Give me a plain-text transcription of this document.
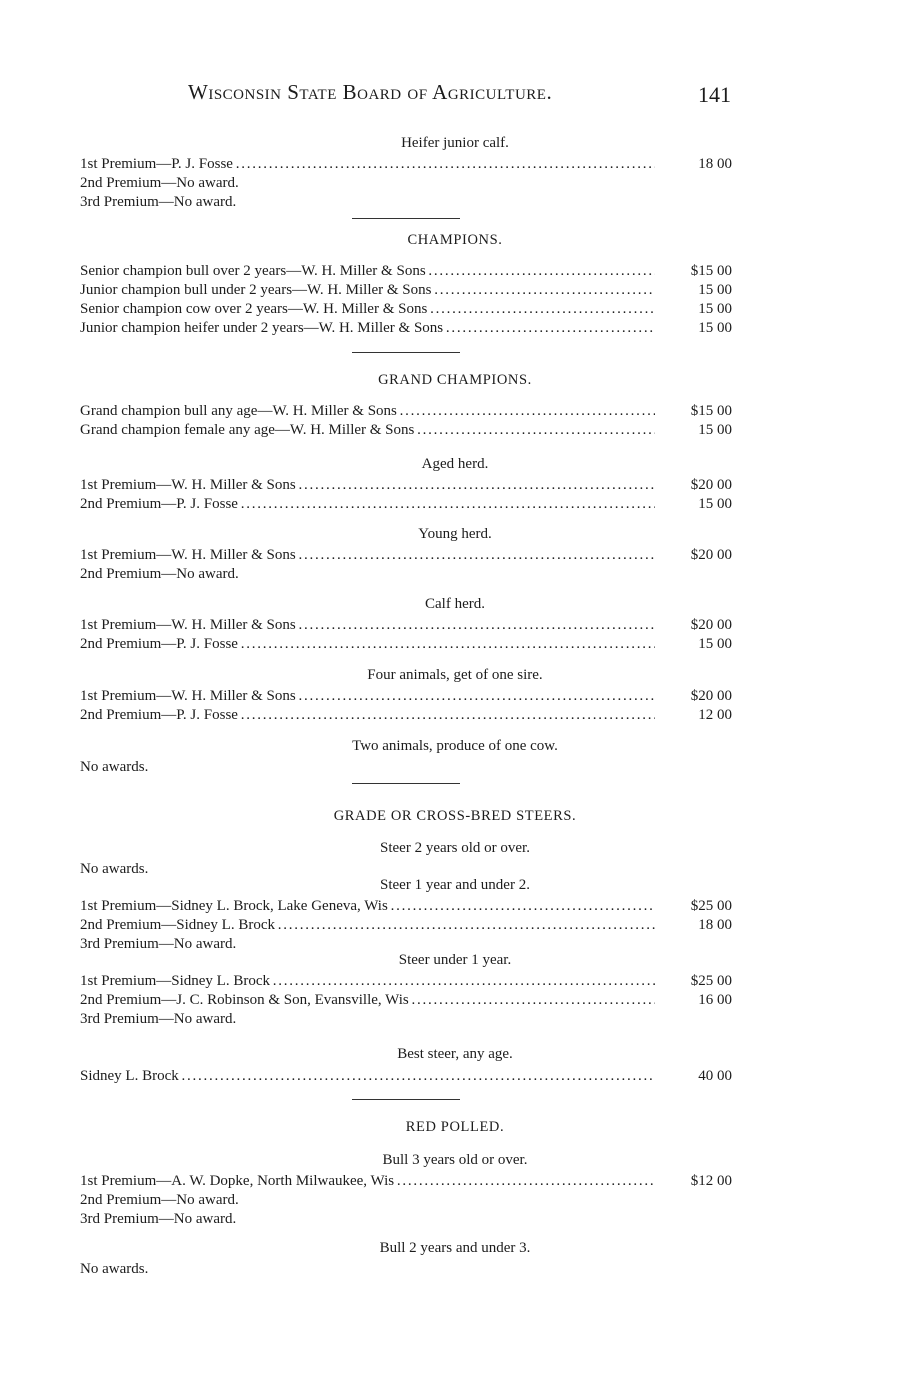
Wisconsin State Board of Agriculture.	141
Heifer junior calf.
1st Premium—P. J. Fosse . . .	18 00
2nd Premium—No award.
3rd Premium—No award.
CHAMPIONS.
Senior champion bull over 2 years—W. H. Miller & Sons . . .	$15 00
Junior champion bull under 2 years—W. H. Miller & Sons . . .	15 00
Senior champion cow over 2 years—W. H. Miller & Sons . . .	15 00
Junior champion heifer under 2 years—W. H. Miller & Sons . . .	15 00
GRAND CHAMPIONS.
Grand champion bull any age—W. H. Miller & Sons . . .	$15 00
Grand champion female any age—W. H. Miller & Sons . . .	15 00
Aged herd.
1st Premium—W. H. Miller & Sons . . .	$20 00
2nd Premium—P. J. Fosse . . .	15 00
Young herd.
1st Premium—W. H. Miller & Sons . . .	$20 00
2nd Premium—No award.
Calf herd.
1st Premium—W. H. Miller & Sons . . .	$20 00
2nd Premium—P. J. Fosse . . .	15 00
Four animals, get of one sire.
1st Premium—W. H. Miller & Sons . . .	$20 00
2nd Premium—P. J. Fosse . . .	12 00
Two animals, produce of one cow.
No awards.
GRADE OR CROSS-BRED STEERS.
Steer 2 years old or over.
No awards.
Steer 1 year and under 2.
1st Premium—Sidney L. Brock, Lake Geneva, Wis . . .	$25 00
2nd Premium—Sidney L. Brock . . .	18 00
3rd Premium—No award.
Steer under 1 year.
1st Premium—Sidney L. Brock . . .	$25 00
2nd Premium—J. C. Robinson & Son, Evansville, Wis . . .	16 00
3rd Premium—No award.
Best steer, any age.
Sidney L. Brock . . .	40 00
RED POLLED.
Bull 3 years old or over.
1st Premium—A. W. Dopke, North Milwaukee, Wis . . .	$12 00
2nd Premium—No award.
3rd Premium—No award.
Bull 2 years and under 3.
No awards.
